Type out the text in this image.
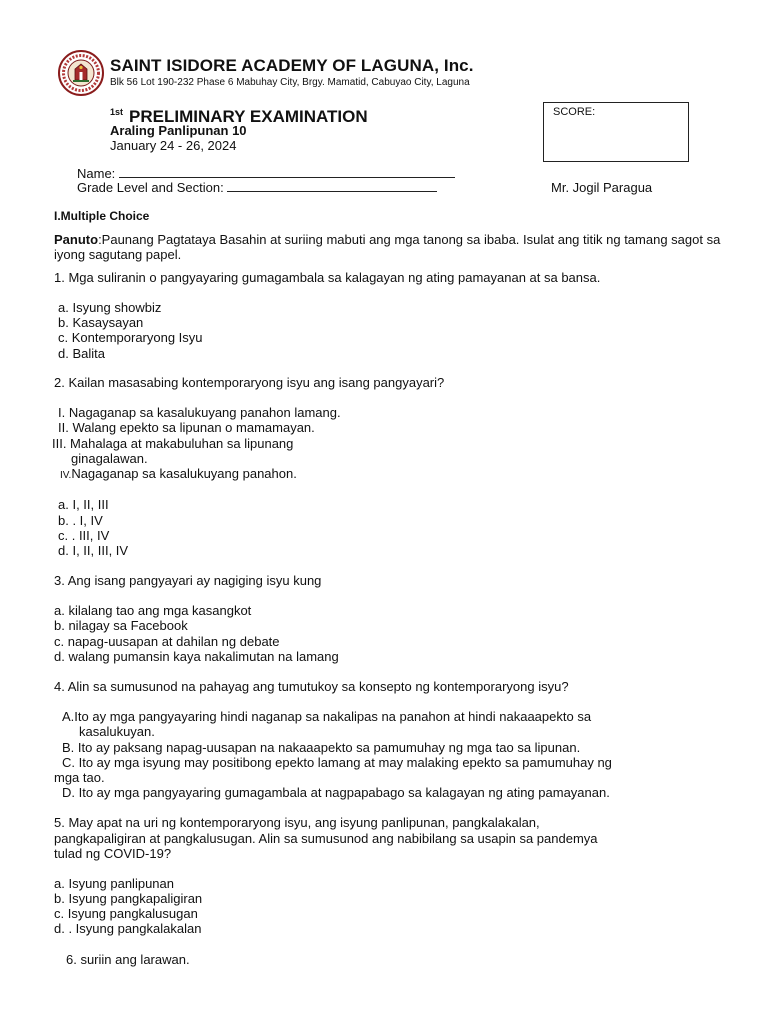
SAINT ISIDORE ACADEMY OF LAGUNA, Inc.
Blk 56 Lot 190-232 Phase 6 Mabuhay City, Brgy. Mamatid, Cabuyao City, Laguna
$^{1st}$ PRELIMINARY EXAMINATION
Araling Panlipunan 10
January 24 - 26, 2024
SCORE:
Name:
Grade Level and Section:	Mr. Jogil Paragua
I.Multiple Choice
Panuto:Paunang Pagtataya Basahin at suriing mabuti ang mga tanong sa ibaba. Isulat ang titik ng tamang sagot sa iyong sagutang papel.
1. Mga suliranin o pangyayaring gumagambala sa kalagayan ng ating pamayanan at sa bansa.
a. Isyung showbiz
b. Kasaysayan
c. Kontemporaryong Isyu
d. Balita
2. Kailan masasabing kontemporaryong isyu ang isang pangyayari?
I. Nagaganap sa kasalukuyang panahon lamang.
II. Walang epekto sa lipunan o mamamayan.
III. Mahalaga at makabuluhan sa lipunang
ginagalawan.
IV.Nagaganap sa kasalukuyang panahon.
a. I, II, III
b. . I, IV
c. . III, IV
d. I, II, III, IV
3. Ang isang pangyayari ay nagiging isyu kung
a. kilalang tao ang mga kasangkot
b. nilagay sa Facebook
c. napag-uusapan at dahilan ng debate
d. walang pumansin kaya nakalimutan na lamang
4. Alin sa sumusunod na pahayag ang tumutukoy sa konsepto ng kontemporaryong isyu?
A.Ito ay mga pangyayaring hindi naganap sa nakalipas na panahon at hindi nakaaapekto sa
kasalukuyan.
B. Ito ay paksang napag-uusapan na nakaaapekto sa pamumuhay ng mga tao sa lipunan.
C. Ito ay mga isyung may positibong epekto lamang at may malaking epekto sa pamumuhay ng
mga tao.
D. Ito ay mga pangyayaring gumagambala at nagpapabago sa kalagayan ng ating pamayanan.
5. May apat na uri ng kontemporaryong isyu, ang isyung panlipunan, pangkalakalan,
pangkapaligiran at pangkalusugan. Alin sa sumusunod ang nabibilang sa usapin sa pandemya
tulad ng COVID-19?
a. Isyung panlipunan
b. Isyung pangkapaligiran
c. Isyung pangkalusugan
d. . Isyung pangkalakalan
6. suriin ang larawan.
